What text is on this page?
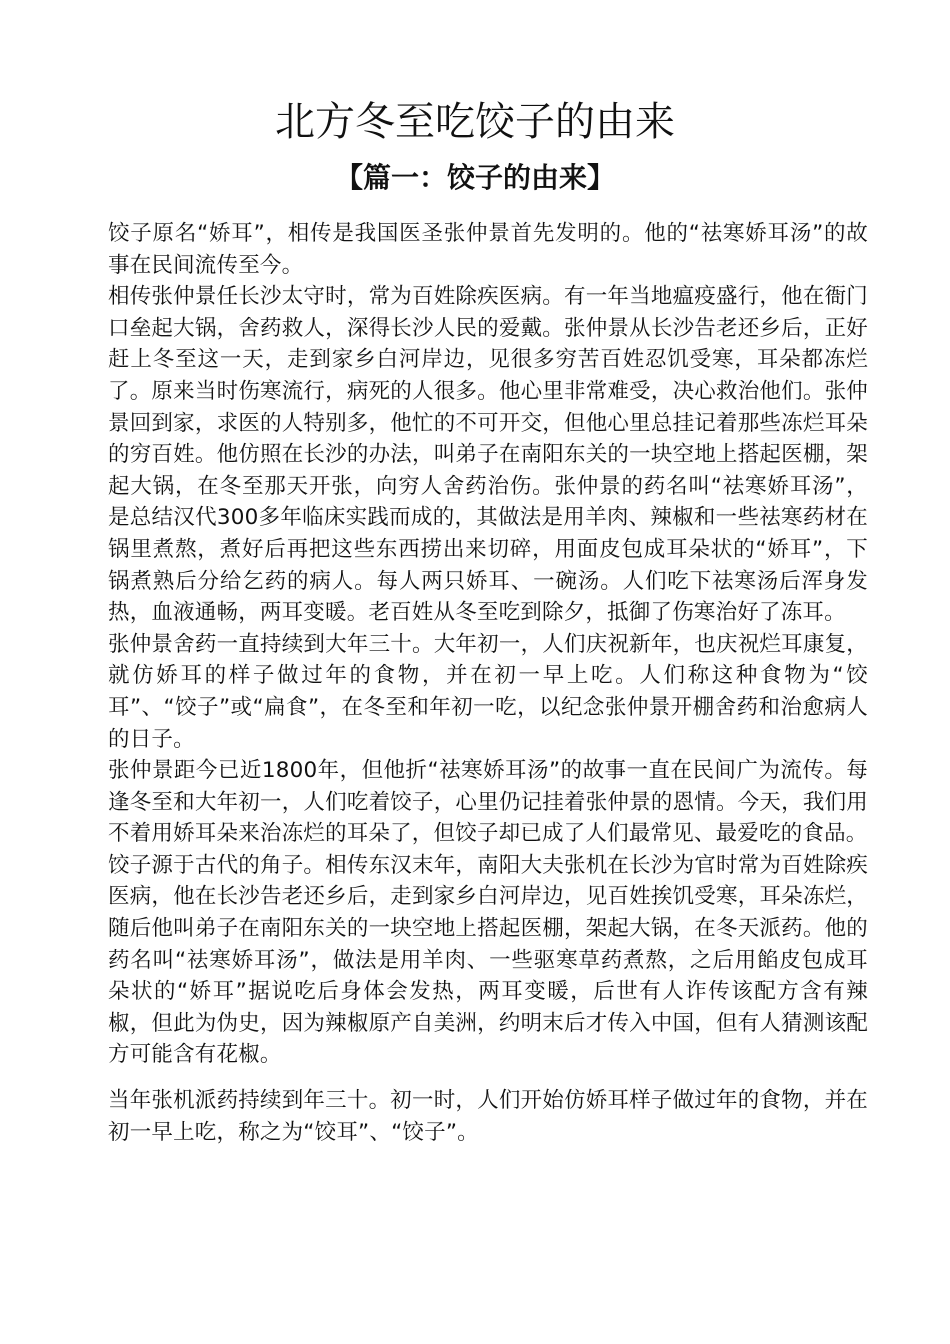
北方冬至吃饺子的由来
【篇一：饺子的由来】

饺子原名“娇耳”，相传是我国医圣张仲景首先发明的。他的“祛寒娇耳汤”的故事在民间流传至今。

相传张仲景任长沙太守时，常为百姓除疾医病。有一年当地瘟疫盛行，他在衙门口垒起大锅，舍药救人，深得长沙人民的爱戴。张仲景从长沙告老还乡后，正好赶上冬至这一天，走到家乡白河岸边，见很多穷苦百姓忍饥受寒，耳朵都冻烂了。原来当时伤寒流行，病死的人很多。他心里非常难受，决心救治他们。张仲景回到家，求医的人特别多，他忙的不可开交，但他心里总挂记着那些冻烂耳朵的穷百姓。他仿照在长沙的办法，叫弟子在南阳东关的一块空地上搭起医棚，架起大锅，在冬至那天开张，向穷人舍药治伤。张仲景的药名叫“祛寒娇耳汤”，是总结汉代300多年临床实践而成的，其做法是用羊肉、辣椒和一些祛寒药材在锅里煮熬，煮好后再把这些东西捞出来切碎，用面皮包成耳朵状的“娇耳”，下锅煮熟后分给乞药的病人。每人两只娇耳、一碗汤。人们吃下祛寒汤后浑身发热，血液通畅，两耳变暖。老百姓从冬至吃到除夕，抵御了伤寒治好了冻耳。

张仲景舍药一直持续到大年三十。大年初一，人们庆祝新年，也庆祝烂耳康复，就仿娇耳的样子做过年的食物，并在初一早上吃。人们称这种食物为“饺耳”、“饺子”或“扁食”，在冬至和年初一吃，以纪念张仲景开棚舍药和治愈病人的日子。

张仲景距今已近1800年，但他折“祛寒娇耳汤”的故事一直在民间广为流传。每逢冬至和大年初一，人们吃着饺子，心里仍记挂着张仲景的恩情。今天，我们用不着用娇耳朵来治冻烂的耳朵了，但饺子却已成了人们最常见、最爱吃的食品。

饺子源于古代的角子。相传东汉末年，南阳大夫张机在长沙为官时常为百姓除疾医病，他在长沙告老还乡后，走到家乡白河岸边，见百姓挨饥受寒，耳朵冻烂，随后他叫弟子在南阳东关的一块空地上搭起医棚，架起大锅，在冬天派药。他的药名叫“祛寒娇耳汤”，做法是用羊肉、一些驱寒草药煮熬，之后用餡皮包成耳朵状的“娇耳”据说吃后身体会发热，两耳变暖，后世有人诈传该配方含有辣椒，但此为伪史，因为辣椒原产自美洲，约明末后才传入中国，但有人猜测该配方可能含有花椒。

当年张机派药持续到年三十。初一时，人们开始仿娇耳样子做过年的食物，并在初一早上吃，称之为“饺耳”、“饺子”。
